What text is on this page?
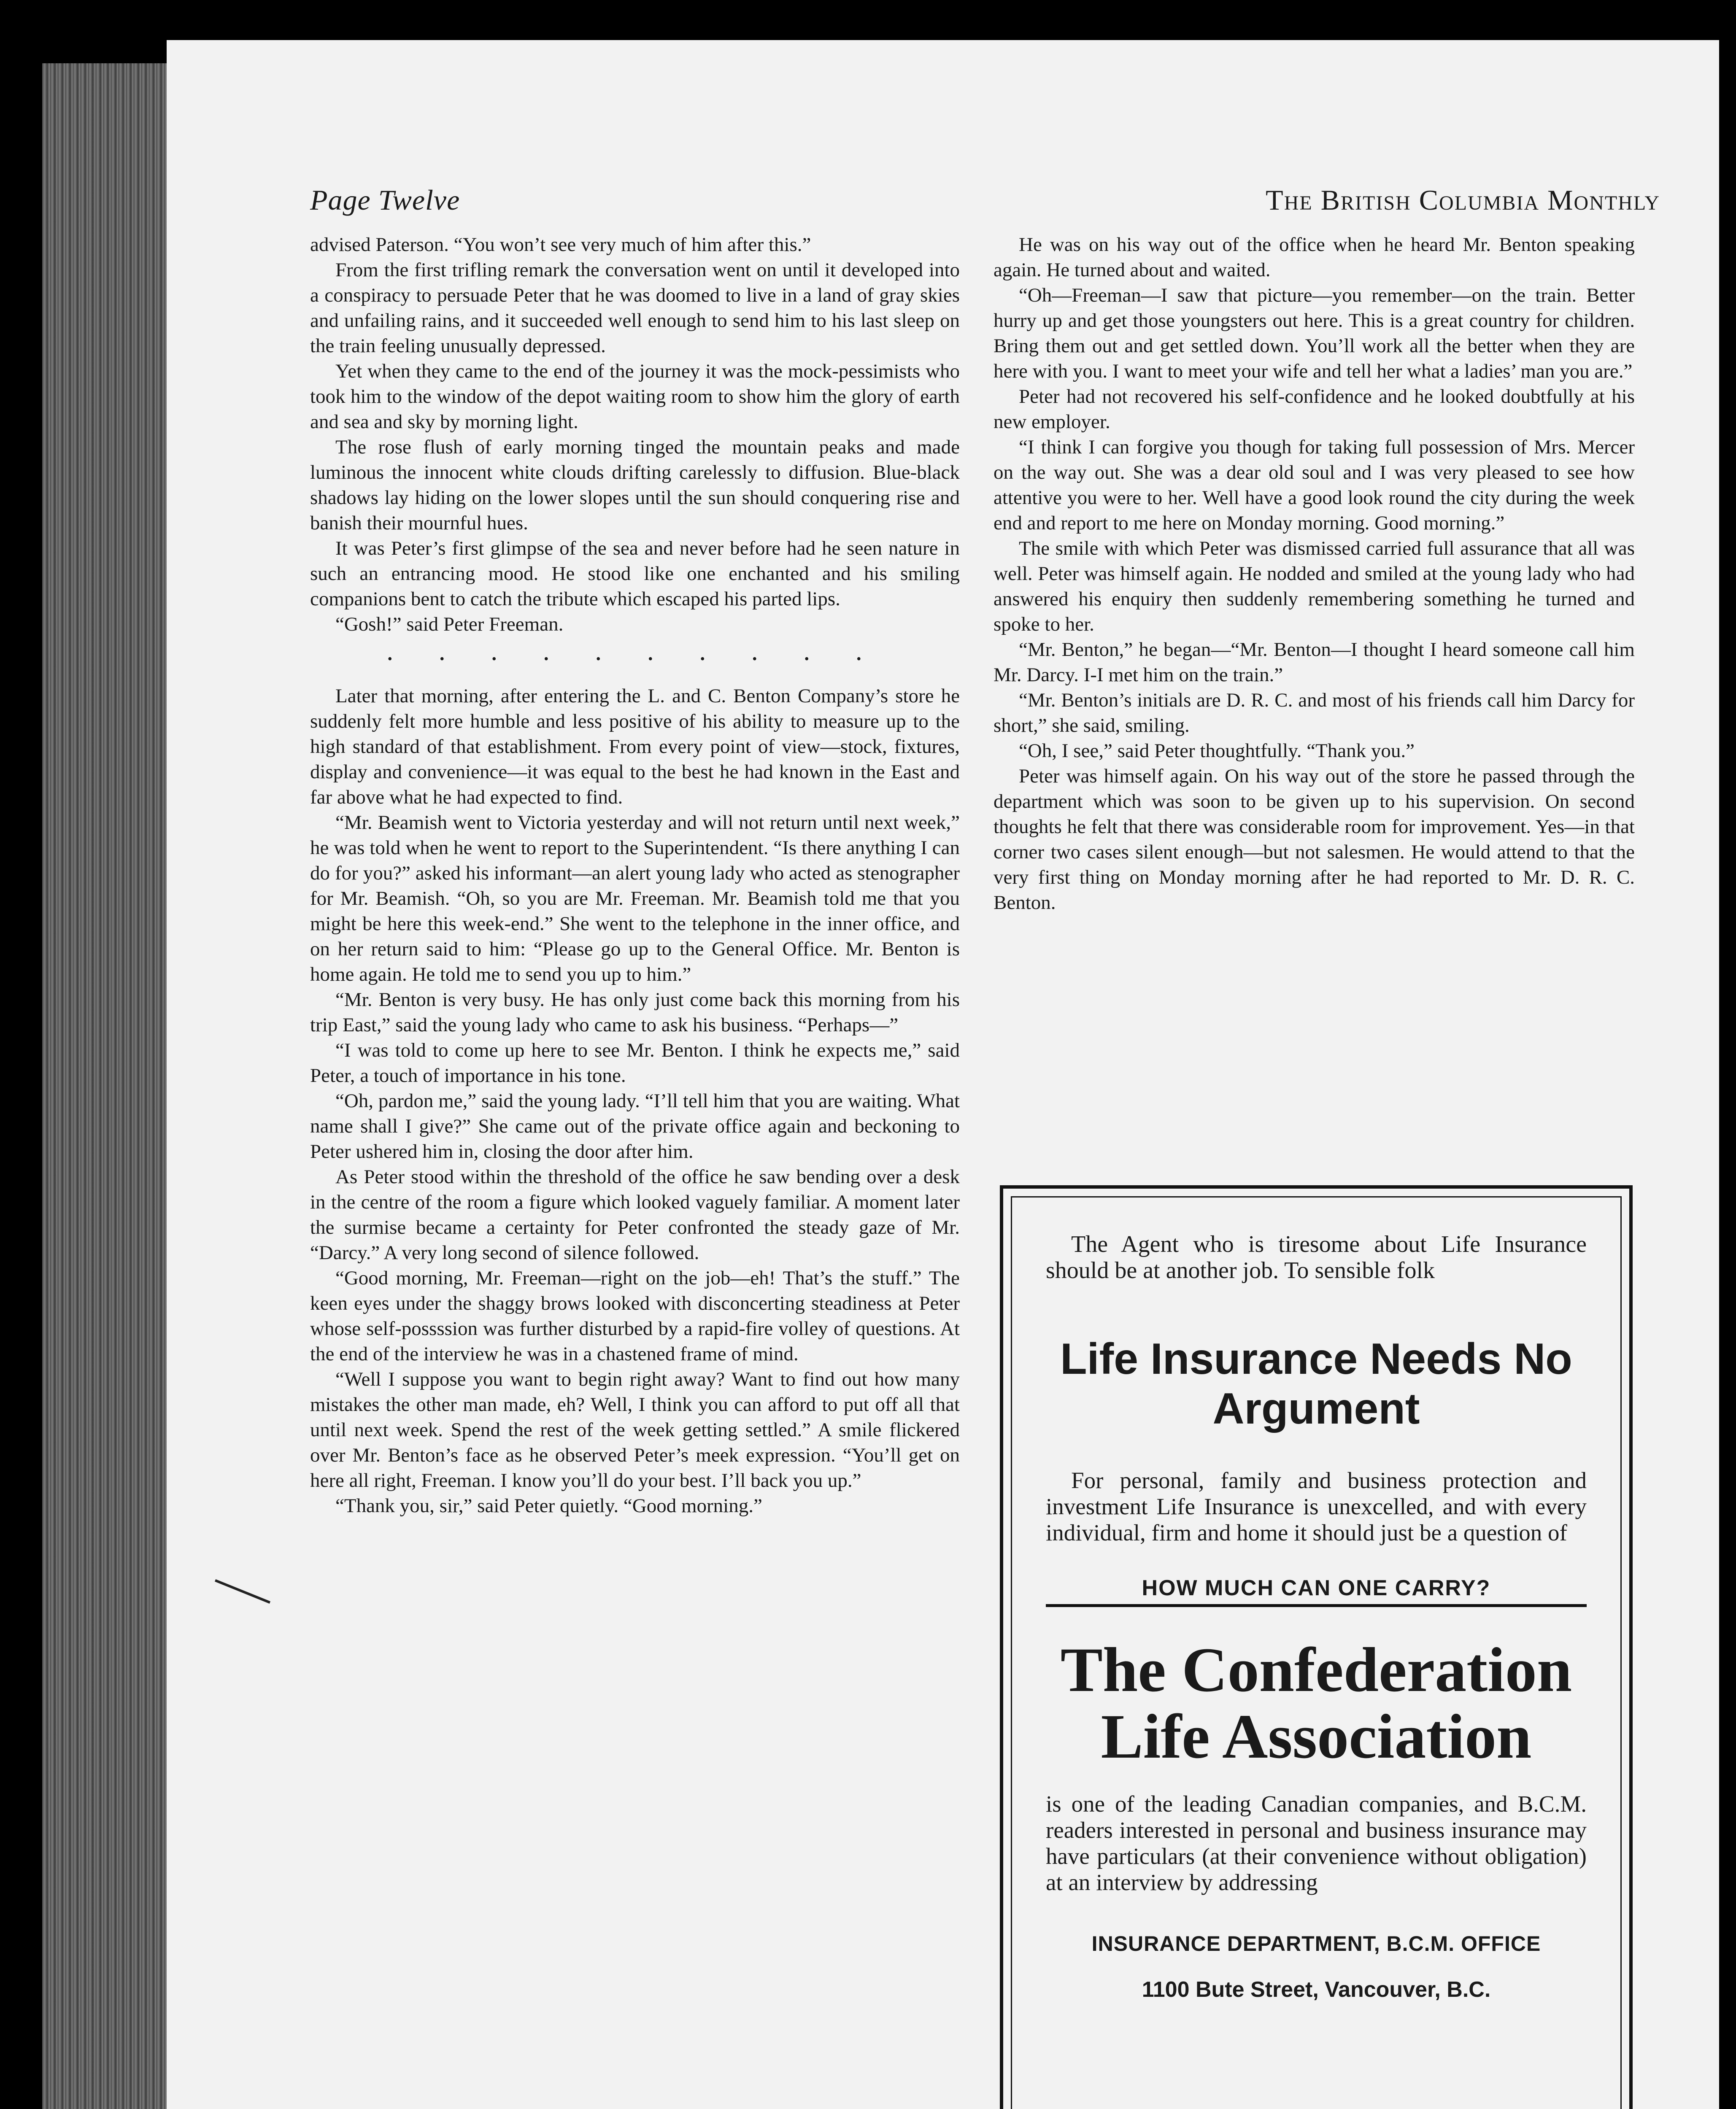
Page Twelve	The British Columbia Monthly

advised Paterson. “You won’t see very much of him after this.”

From the first trifling remark the conversation went on until it developed into a conspiracy to persuade Peter that he was doomed to live in a land of gray skies and unfailing rains, and it succeeded well enough to send him to his last sleep on the train feeling unusually depressed.

Yet when they came to the end of the journey it was the mock-pessimists who took him to the window of the depot waiting room to show him the glory of earth and sea and sky by morning light.

The rose flush of early morning tinged the mountain peaks and made luminous the innocent white clouds drifting carelessly to diffusion. Blue-black shadows lay hiding on the lower slopes until the sun should conquering rise and banish their mournful hues.

It was Peter’s first glimpse of the sea and never before had he seen nature in such an entrancing mood. He stood like one enchanted and his smiling companions bent to catch the tribute which escaped his parted lips.

“Gosh!” said Peter Freeman.

. . . . . . . . . .

Later that morning, after entering the L. and C. Benton Company’s store he suddenly felt more humble and less positive of his ability to measure up to the high standard of that establishment. From every point of view—stock, fixtures, display and convenience—it was equal to the best he had known in the East and far above what he had expected to find.

“Mr. Beamish went to Victoria yesterday and will not return until next week,” he was told when he went to report to the Superintendent. “Is there anything I can do for you?” asked his informant—an alert young lady who acted as stenographer for Mr. Beamish. “Oh, so you are Mr. Freeman. Mr. Beamish told me that you might be here this week-end.” She went to the telephone in the inner office, and on her return said to him: “Please go up to the General Office. Mr. Benton is home again. He told me to send you up to him.”

“Mr. Benton is very busy. He has only just come back this morning from his trip East,” said the young lady who came to ask his business. “Perhaps—”

“I was told to come up here to see Mr. Benton. I think he expects me,” said Peter, a touch of importance in his tone.

“Oh, pardon me,” said the young lady. “I’ll tell him that you are waiting. What name shall I give?” She came out of the private office again and beckoning to Peter ushered him in, closing the door after him.

As Peter stood within the threshold of the office he saw bending over a desk in the centre of the room a figure which looked vaguely familiar. A moment later the surmise became a certainty for Peter confronted the steady gaze of Mr. “Darcy.” A very long second of silence followed.

“Good morning, Mr. Freeman—right on the job—eh! That’s the stuff.” The keen eyes under the shaggy brows looked with disconcerting steadiness at Peter whose self-possssion was further disturbed by a rapid-fire volley of questions. At the end of the interview he was in a chastened frame of mind.

“Well I suppose you want to begin right away? Want to find out how many mistakes the other man made, eh? Well, I think you can afford to put off all that until next week. Spend the rest of the week getting settled.” A smile flickered over Mr. Benton’s face as he observed Peter’s meek expression. “You’ll get on here all right, Freeman. I know you’ll do your best. I’ll back you up.”

“Thank you, sir,” said Peter quietly. “Good morning.”

He was on his way out of the office when he heard Mr. Benton speaking again. He turned about and waited.

“Oh—Freeman—I saw that picture—you remember—on the train. Better hurry up and get those youngsters out here. This is a great country for children. Bring them out and get settled down. You’ll work all the better when they are here with you. I want to meet your wife and tell her what a ladies’ man you are.”

Peter had not recovered his self-confidence and he looked doubtfully at his new employer.

“I think I can forgive you though for taking full possession of Mrs. Mercer on the way out. She was a dear old soul and I was very pleased to see how attentive you were to her. Well have a good look round the city during the week end and report to me here on Monday morning. Good morning.”

The smile with which Peter was dismissed carried full assurance that all was well. Peter was himself again. He nodded and smiled at the young lady who had answered his enquiry then suddenly remembering something he turned and spoke to her.

“Mr. Benton,” he began—“Mr. Benton—I thought I heard someone call him Mr. Darcy. I-I met him on the train.”

“Mr. Benton’s initials are D. R. C. and most of his friends call him Darcy for short,” she said, smiling.

“Oh, I see,” said Peter thoughtfully. “Thank you.”

Peter was himself again. On his way out of the store he passed through the department which was soon to be given up to his supervision. On second thoughts he felt that there was considerable room for improvement. Yes—in that corner two cases silent enough—but not salesmen. He would attend to that the very first thing on Monday morning after he had reported to Mr. D. R. C. Benton.

The Agent who is tiresome about Life Insurance should be at another job. To sensible folk

Life Insurance Needs No Argument

For personal, family and business protection and investment Life Insurance is unexcelled, and with every individual, firm and home it should just be a question of

HOW MUCH CAN ONE CARRY?
The Confederation Life Association

is one of the leading Canadian companies, and B.C.M. readers interested in personal and business insurance may have particulars (at their convenience without obligation) at an interview by addressing

INSURANCE DEPARTMENT, B.C.M. OFFICE
1100 Bute Street, Vancouver, B.C.
